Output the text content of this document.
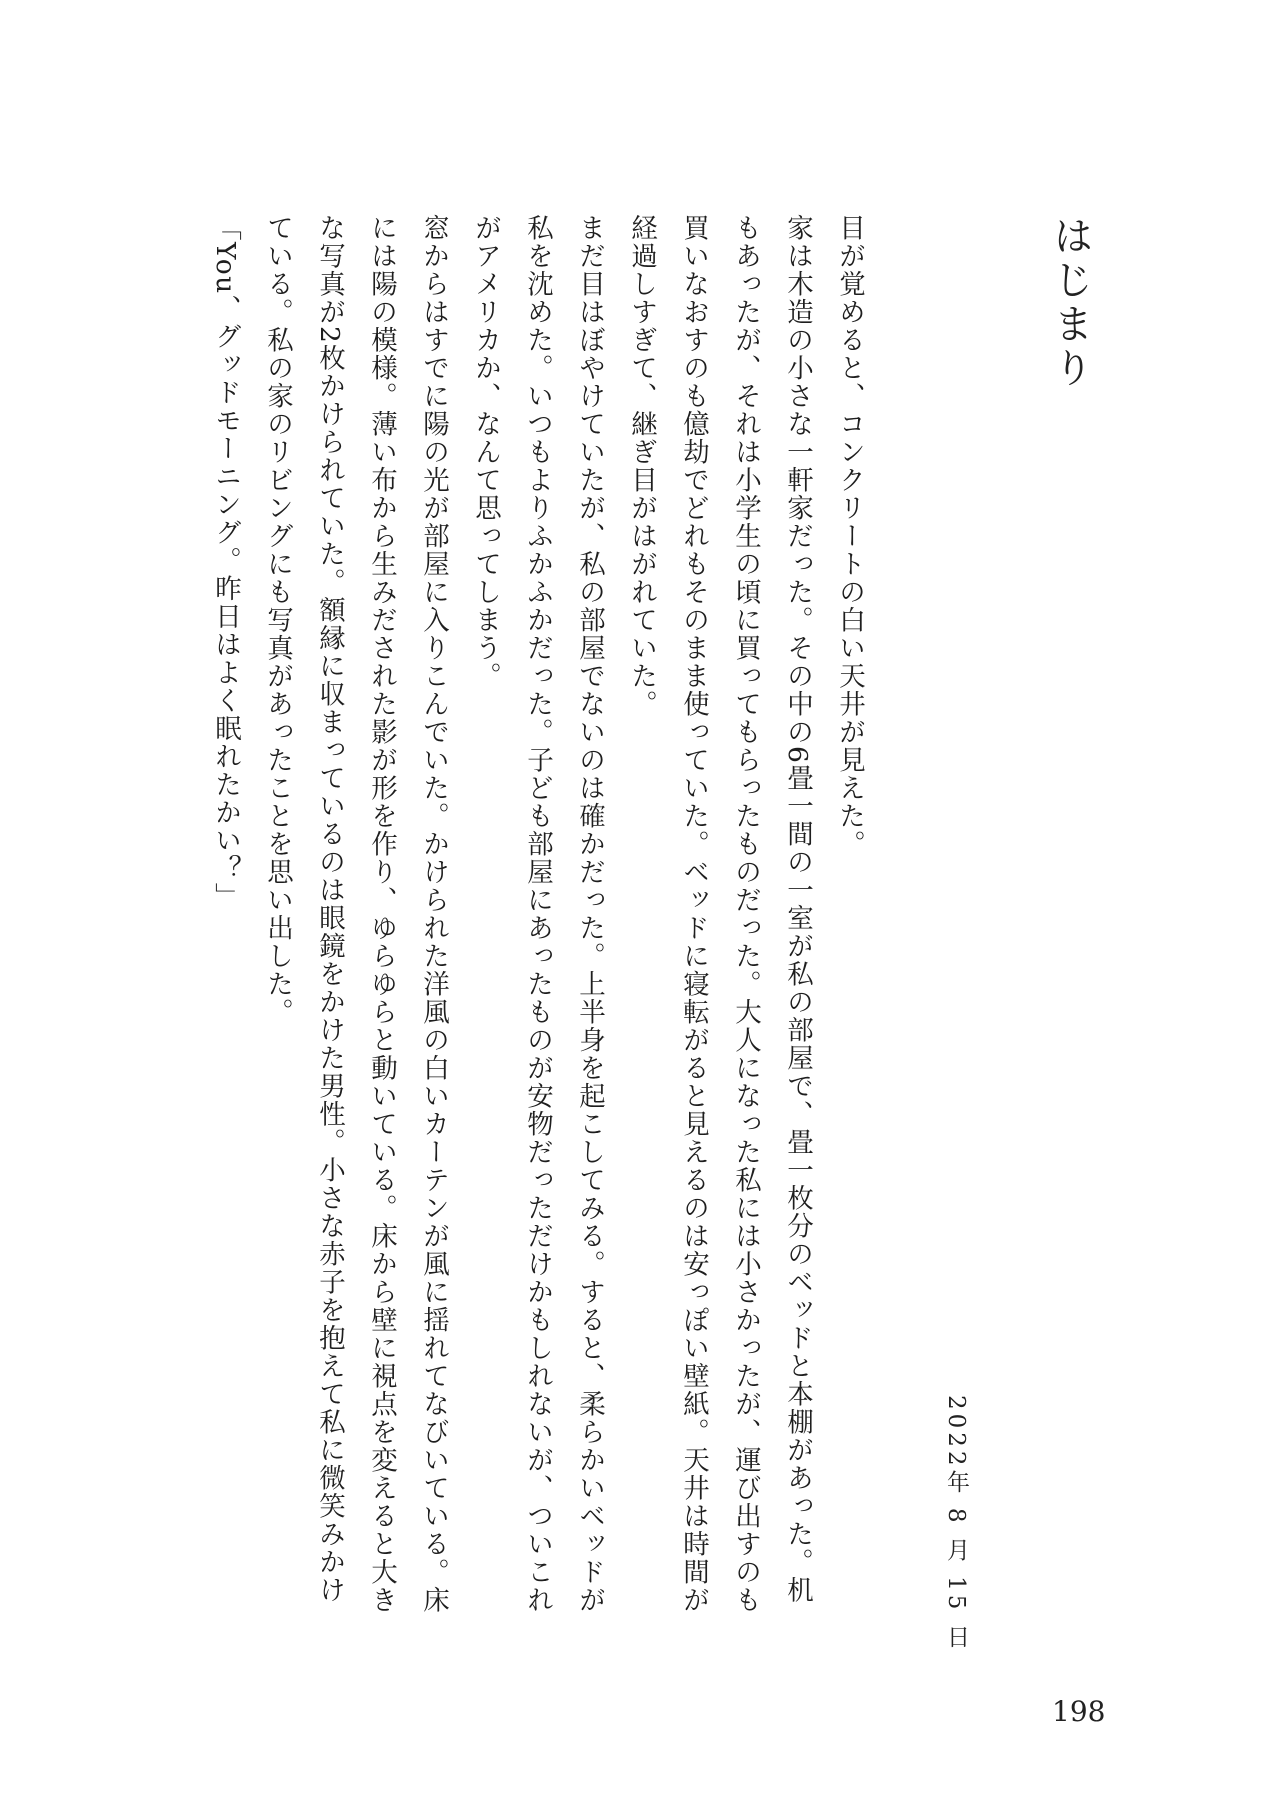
はじまり
2022年 8 月 15 日

目が覚めると、コンクリートの白い天井が見えた。

家は木造の小さな一軒家だった。その中の6畳一間の一室が私の部屋で、畳一枚分のベッドと本棚があった。机もあったが、それは小学生の頃に買ってもらったものだった。大人になった私には小さかったが、運び出すのも買いなおすのも億劫でどれもそのまま使っていた。ベッドに寝転がると見えるのは安っぽい壁紙。天井は時間が経過しすぎて、継ぎ目がはがれていた。

まだ目はぼやけていたが、私の部屋でないのは確かだった。上半身を起こしてみる。すると、柔らかいベッドが私を沈めた。いつもよりふかふかだった。子ども部屋にあったものが安物だっただけかもしれないが、ついこれがアメリカか、なんて思ってしまう。

窓からはすでに陽の光が部屋に入りこんでいた。かけられた洋風の白いカーテンが風に揺れてなびいている。床には陽の模様。薄い布から生みだされた影が形を作り、ゆらゆらと動いている。床から壁に視点を変えると大きな写真が2枚かけられていた。額縁に収まっているのは眼鏡をかけた男性。小さな赤子を抱えて私に微笑みかけている。私の家のリビングにも写真があったことを思い出した。

「You、グッドモーニング。昨日はよく眠れたかい？」

198
